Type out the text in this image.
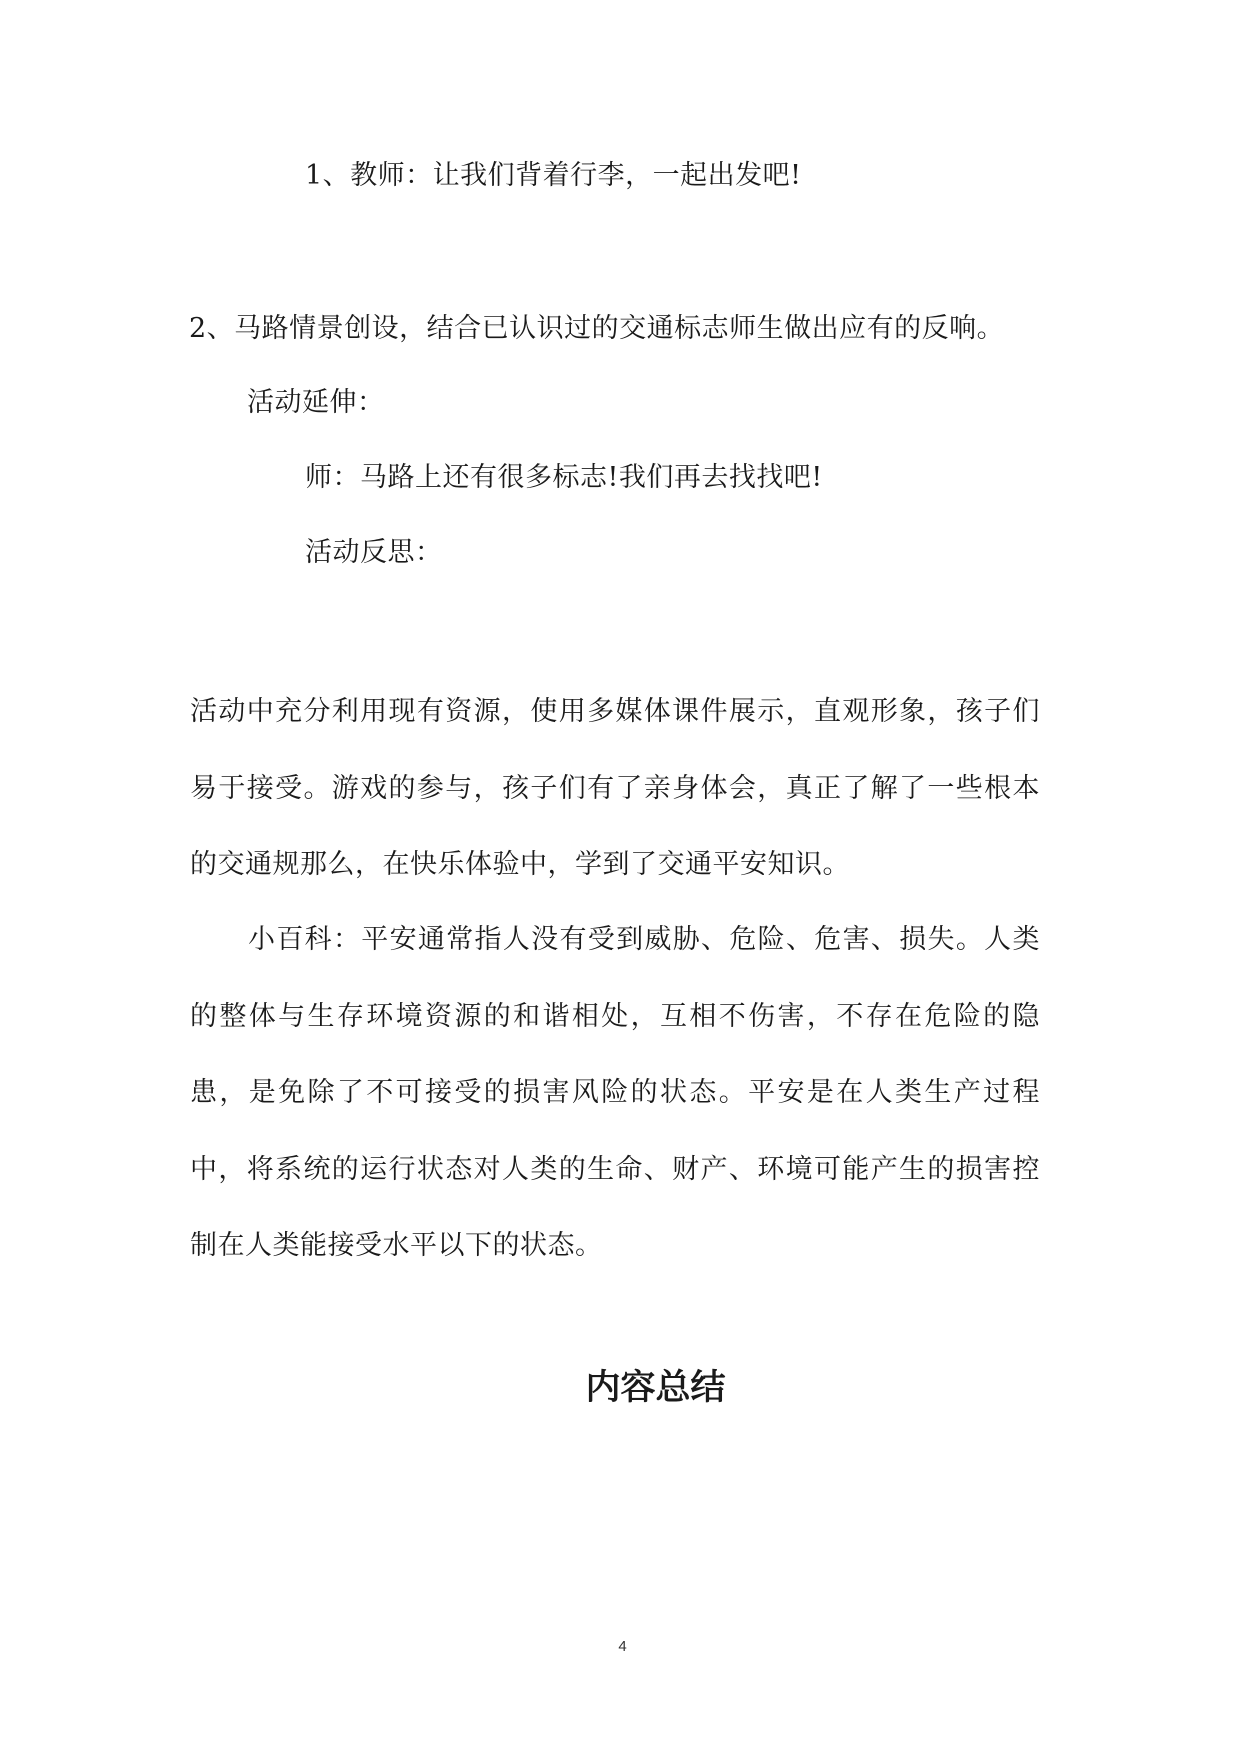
1、教师：让我们背着行李，一起出发吧!
2、马路情景创设，结合已认识过的交通标志师生做出应有的反响。
活动延伸：
师：马路上还有很多标志!我们再去找找吧!
活动反思：

活动中充分利用现有资源，使用多媒体课件展示，直观形象，孩子们易于接受。游戏的参与，孩子们有了亲身体会，真正了解了一些根本的交通规那么，在快乐体验中，学到了交通平安知识。

小百科：平安通常指人没有受到威胁、危险、危害、损失。人类的整体与生存环境资源的和谐相处，互相不伤害，不存在危险的隐患，是免除了不可接受的损害风险的状态。平安是在人类生产过程中，将系统的运行状态对人类的生命、财产、环境可能产生的损害控制在人类能接受水平以下的状态。

内容总结
4
